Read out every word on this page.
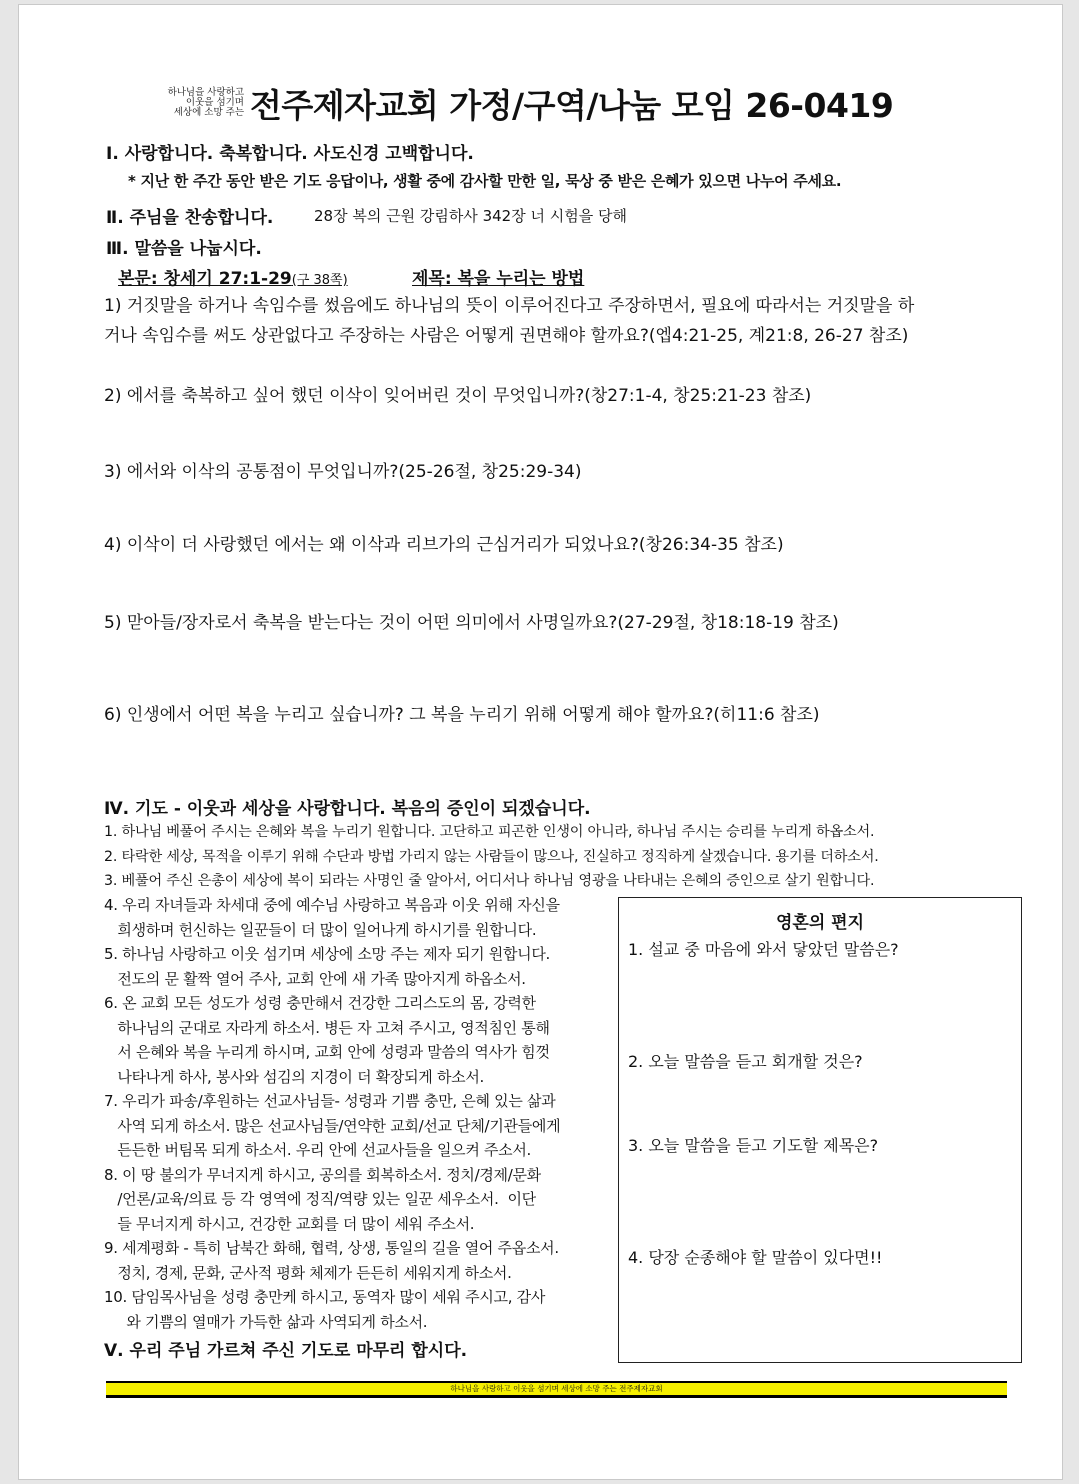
하나님을 사랑하고
이웃을 섬기며
세상에 소망 주는 전주제자교회 가정/구역/나눔 모임 26-0419
Ⅰ. 사랑합니다. 축복합니다. 사도신경 고백합니다.
* 지난 한 주간 동안 받은 기도 응답이나, 생활 중에 감사할 만한 일, 묵상 중 받은 은혜가 있으면 나누어 주세요.
Ⅱ. 주님을 찬송합니다.	28장 복의 근원 강림하사 342장 너 시험을 당해
Ⅲ. 말씀을 나눕시다.
본문: 창세기 27:1-29(구 38쪽)	제목: 복을 누리는 방법
1) 거짓말을 하거나 속임수를 썼음에도 하나님의 뜻이 이루어진다고 주장하면서, 필요에 따라서는 거짓말을 하
거나 속임수를 써도 상관없다고 주장하는 사람은 어떻게 권면해야 할까요?(엡4:21-25, 계21:8, 26-27 참조)
2) 에서를 축복하고 싶어 했던 이삭이 잊어버린 것이 무엇입니까?(창27:1-4, 창25:21-23 참조)
3) 에서와 이삭의 공통점이 무엇입니까?(25-26절, 창25:29-34)
4) 이삭이 더 사랑했던 에서는 왜 이삭과 리브가의 근심거리가 되었나요?(창26:34-35 참조)
5) 맏아들/장자로서 축복을 받는다는 것이 어떤 의미에서 사명일까요?(27-29절, 창18:18-19 참조)
6) 인생에서 어떤 복을 누리고 싶습니까? 그 복을 누리기 위해 어떻게 해야 할까요?(히11:6 참조)
Ⅳ. 기도 - 이웃과 세상을 사랑합니다. 복음의 증인이 되겠습니다.
1. 하나님 베풀어 주시는 은혜와 복을 누리기 원합니다. 고단하고 피곤한 인생이 아니라, 하나님 주시는 승리를 누리게 하옵소서.
2. 타락한 세상, 목적을 이루기 위해 수단과 방법 가리지 않는 사람들이 많으나, 진실하고 정직하게 살겠습니다. 용기를 더하소서.
3. 베풀어 주신 은총이 세상에 복이 되라는 사명인 줄 알아서, 어디서나 하나님 영광을 나타내는 은혜의 증인으로 살기 원합니다.
4. 우리 자녀들과 차세대 중에 예수님 사랑하고 복음과 이웃 위해 자신을
희생하며 헌신하는 일꾼들이 더 많이 일어나게 하시기를 원합니다.
5. 하나님 사랑하고 이웃 섬기며 세상에 소망 주는 제자 되기 원합니다.
전도의 문 활짝 열어 주사, 교회 안에 새 가족 많아지게 하옵소서.
6. 온 교회 모든 성도가 성령 충만해서 건강한 그리스도의 몸, 강력한
하나님의 군대로 자라게 하소서. 병든 자 고쳐 주시고, 영적침인 통해
서 은혜와 복을 누리게 하시며, 교회 안에 성령과 말씀의 역사가 힘껏
나타나게 하사, 봉사와 섬김의 지경이 더 확장되게 하소서.
7. 우리가 파송/후원하는 선교사님들- 성령과 기쁨 충만, 은혜 있는 삶과
사역 되게 하소서. 많은 선교사님들/연약한 교회/선교 단체/기관들에게
든든한 버팀목 되게 하소서. 우리 안에 선교사들을 일으켜 주소서.
8. 이 땅 불의가 무너지게 하시고, 공의를 회복하소서. 정치/경제/문화
/언론/교육/의료 등 각 영역에 정직/역량 있는 일꾼 세우소서.  이단
들 무너지게 하시고, 건강한 교회를 더 많이 세워 주소서.
9. 세계평화 - 특히 남북간 화해, 협력, 상생, 통일의 길을 열어 주옵소서.
정치, 경제, 문화, 군사적 평화 체제가 든든히 세워지게 하소서.
10. 담임목사님을 성령 충만케 하시고, 동역자 많이 세워 주시고, 감사
와 기쁨의 열매가 가득한 삶과 사역되게 하소서.
Ⅴ. 우리 주님 가르쳐 주신 기도로 마무리 합시다.
영혼의 편지
1. 설교 중 마음에 와서 닿았던 말씀은?
2. 오늘 말씀을 듣고 회개할 것은?
3. 오늘 말씀을 듣고 기도할 제목은?
4. 당장 순종해야 할 말씀이 있다면!!
하나님을 사랑하고 이웃을 섬기며 세상에 소망 주는 전주제자교회
